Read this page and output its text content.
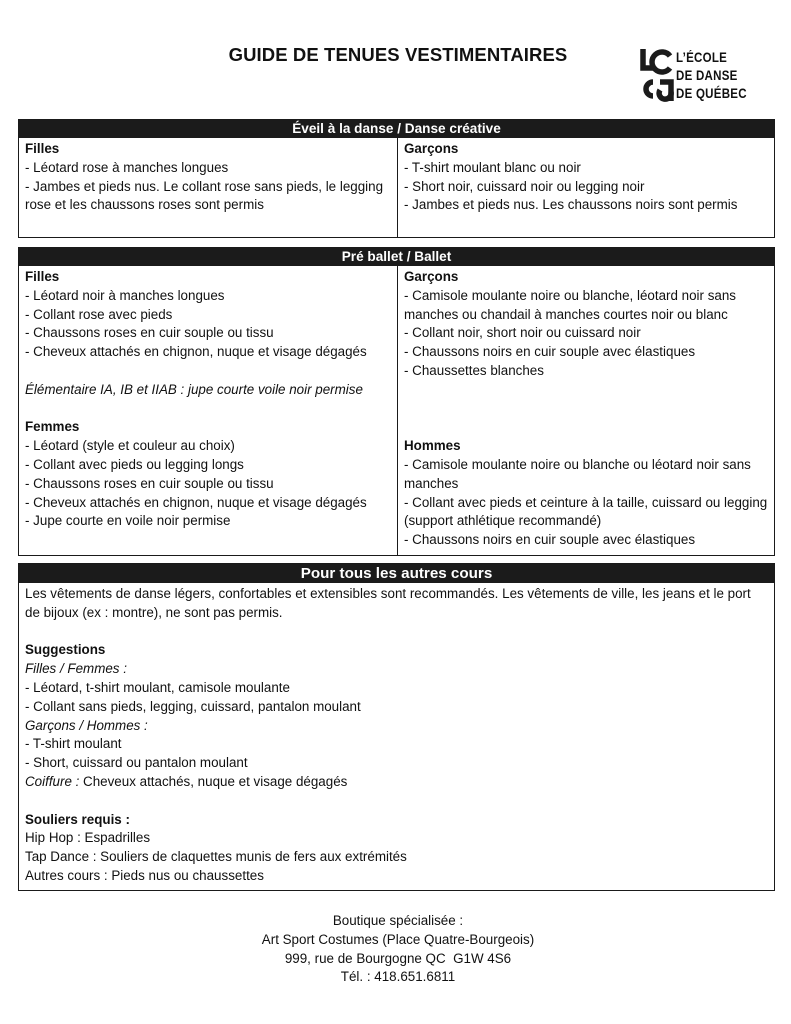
GUIDE DE TENUES VESTIMENTAIRES	L’ÉCOLE
DE DANSE
DE QUÉBEC
Éveil à la danse / Danse créative

Filles

- Léotard rose à manches longues

- Jambes et pieds nus. Le collant rose sans pieds, le legging rose et les chaussons roses sont permis

Garçons

- T-shirt moulant blanc ou noir

- Short noir, cuissard noir ou legging noir

- Jambes et pieds nus. Les chaussons noirs sont permis

Pré ballet / Ballet

Filles

- Léotard noir à manches longues

- Collant rose avec pieds

- Chaussons roses en cuir souple ou tissu

- Cheveux attachés en chignon, nuque et visage dégagés

Élémentaire IA, IB et IIAB : jupe courte voile noir permise

Femmes

- Léotard (style et couleur au choix)

- Collant avec pieds ou legging longs

- Chaussons roses en cuir souple ou tissu

- Cheveux attachés en chignon, nuque et visage dégagés

- Jupe courte en voile noir permise

Garçons

- Camisole moulante noire ou blanche, léotard noir sans manches ou chandail à manches courtes noir ou blanc

- Collant noir, short noir ou cuissard noir

- Chaussons noirs en cuir souple avec élastiques

- Chaussettes blanches

Hommes

- Camisole moulante noire ou blanche ou léotard noir sans manches

- Collant avec pieds et ceinture à la taille, cuissard ou legging (support athlétique recommandé)

- Chaussons noirs en cuir souple avec élastiques

Pour tous les autres cours

Les vêtements de danse légers, confortables et extensibles sont recommandés. Les vêtements de ville, les jeans et le port de bijoux (ex : montre), ne sont pas permis.

Suggestions

Filles / Femmes :

- Léotard, t-shirt moulant, camisole moulante

- Collant sans pieds, legging, cuissard, pantalon moulant

Garçons / Hommes :

- T-shirt moulant

- Short, cuissard ou pantalon moulant

Coiffure : Cheveux attachés, nuque et visage dégagés

Souliers requis :

Hip Hop : Espadrilles

Tap Dance : Souliers de claquettes munis de fers aux extrémités

Autres cours : Pieds nus ou chaussettes

Boutique spécialisée :

Art Sport Costumes (Place Quatre-Bourgeois)

999, rue de Bourgogne QC  G1W 4S6

Tél. : 418.651.6811
